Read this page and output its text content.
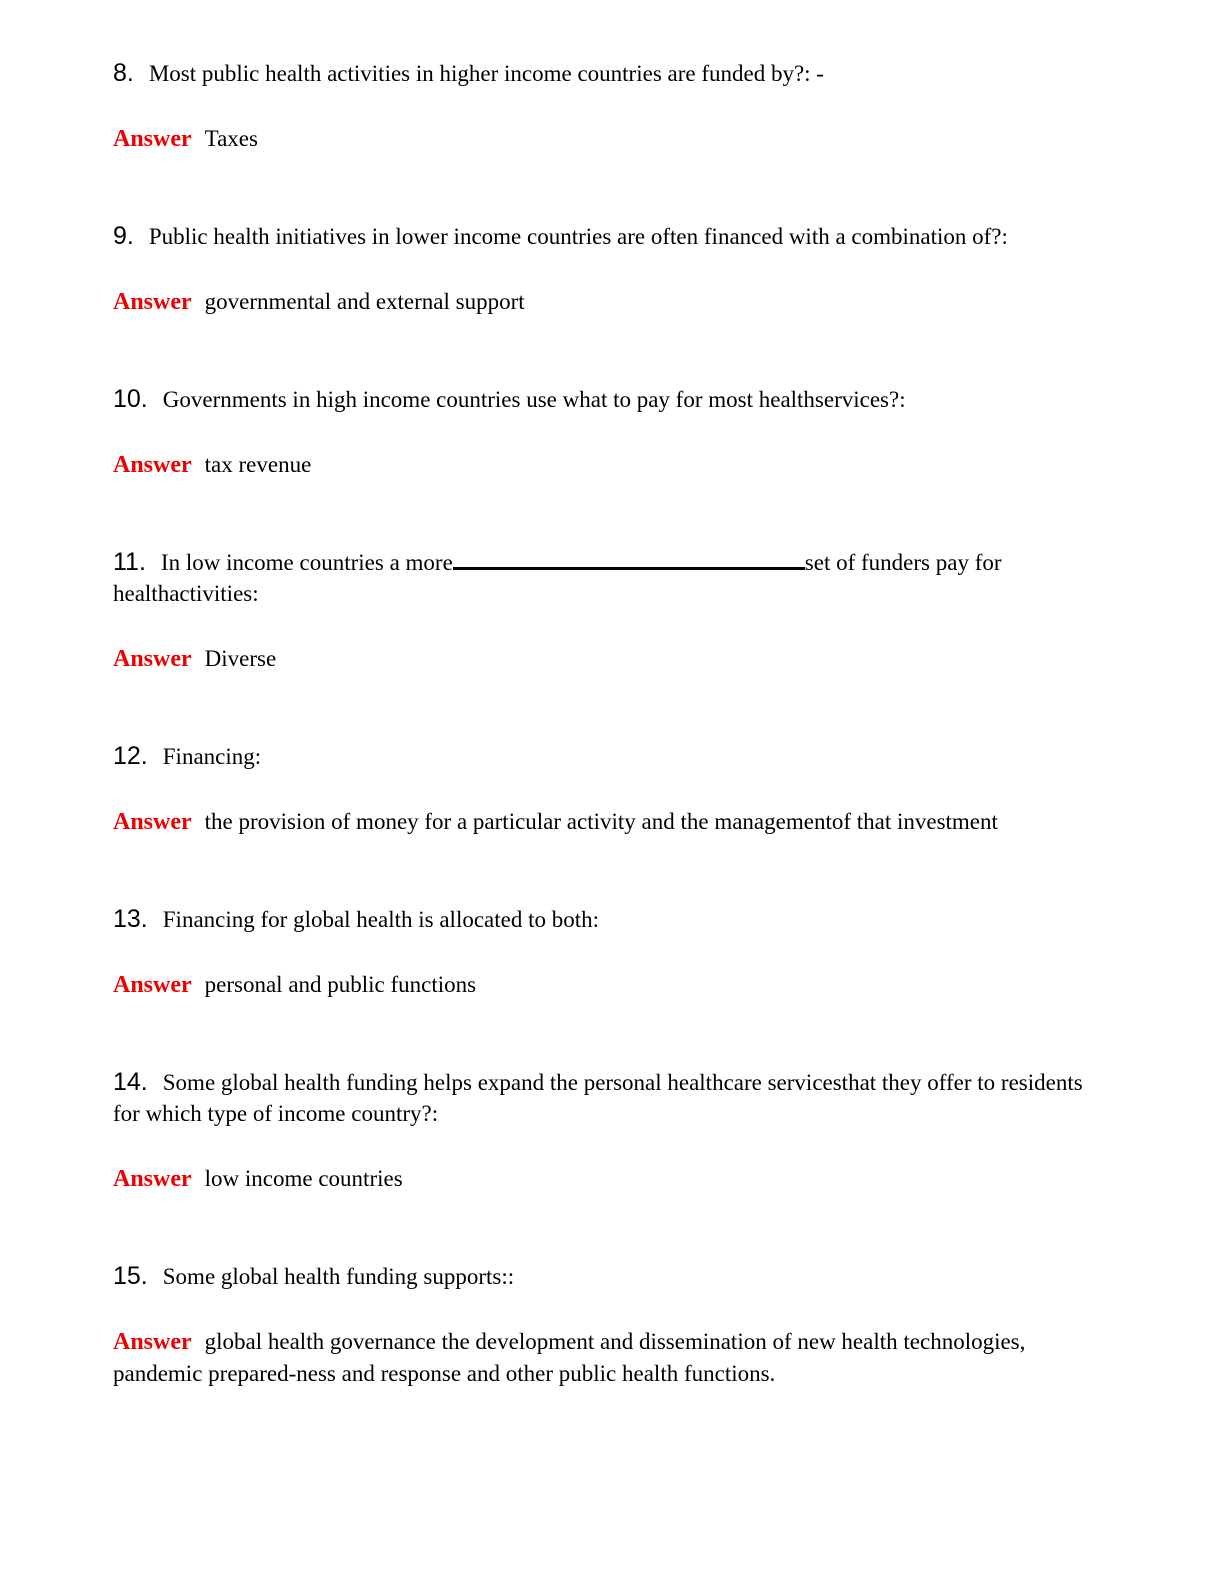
8. Most public health activities in higher income countries are funded by?: -

Answer Taxes

9. Public health initiatives in lower income countries are often financed with a combination of?:

Answer governmental and external support

10. Governments in high income countries use what to pay for most healthservices?:

Answer tax revenue

11. In low income countries a more	set of funders pay for healthactivities:

Answer Diverse

12. Financing:

Answer the provision of money for a particular activity and the managementof that investment

13. Financing for global health is allocated to both:

Answer personal and public functions

14. Some global health funding helps expand the personal healthcare servicesthat they offer to residents for which type of income country?:

Answer low income countries

15. Some global health funding supports::

Answer global health governance the development and dissemination of new health technologies, pandemic prepared-ness and response and other public health functions.
